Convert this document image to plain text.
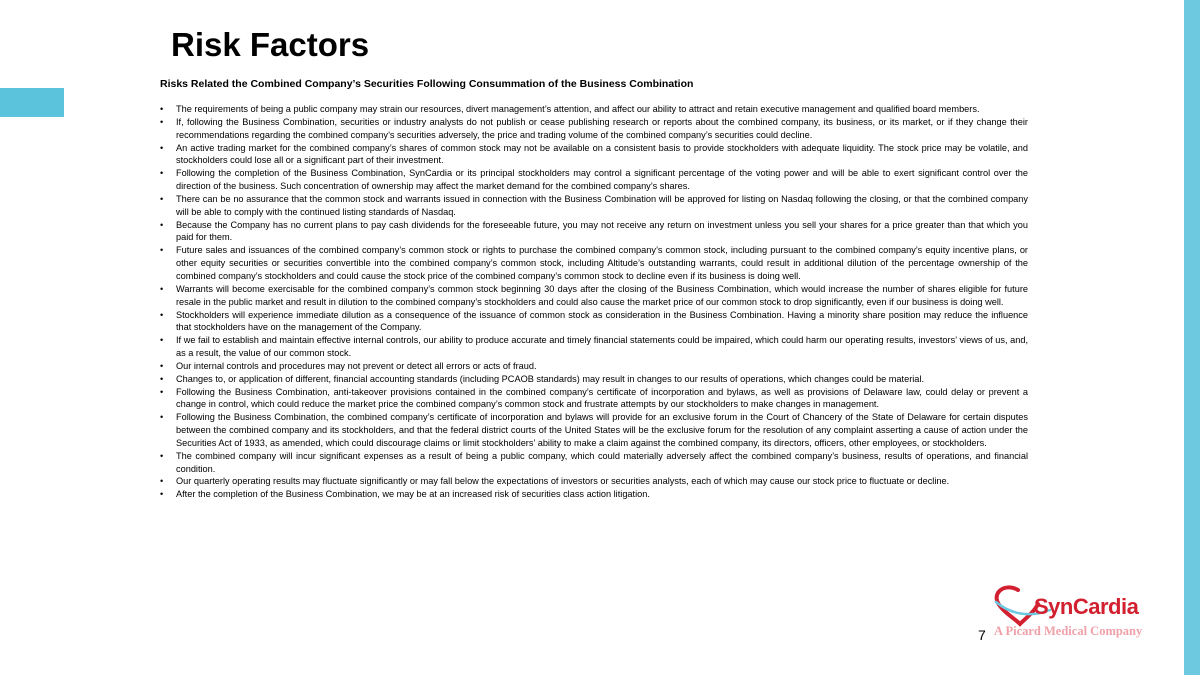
Risk Factors
Risks Related the Combined Company’s Securities Following Consummation of the Business Combination
• The requirements of being a public company may strain our resources, divert management’s attention, and affect our ability to attract and retain executive management and qualified board members.
• If, following the Business Combination, securities or industry analysts do not publish or cease publishing research or reports about the combined company, its business, or its market, or if they change their recommendations regarding the combined company’s securities adversely, the price and trading volume of the combined company’s securities could decline.
• An active trading market for the combined company’s shares of common stock may not be available on a consistent basis to provide stockholders with adequate liquidity. The stock price may be volatile, and stockholders could lose all or a significant part of their investment.
• Following the completion of the Business Combination, SynCardia or its principal stockholders may control a significant percentage of the voting power and will be able to exert significant control over the direction of the business. Such concentration of ownership may affect the market demand for the combined company’s shares.
• There can be no assurance that the common stock and warrants issued in connection with the Business Combination will be approved for listing on Nasdaq following the closing, or that the combined company will be able to comply with the continued listing standards of Nasdaq.
• Because the Company has no current plans to pay cash dividends for the foreseeable future, you may not receive any return on investment unless you sell your shares for a price greater than that which you paid for them.
• Future sales and issuances of the combined company’s common stock or rights to purchase the combined company’s common stock, including pursuant to the combined company’s equity incentive plans, or other equity securities or securities convertible into the combined company’s common stock, including Altitude’s outstanding warrants, could result in additional dilution of the percentage ownership of the combined company’s stockholders and could cause the stock price of the combined company’s common stock to decline even if its business is doing well.
• Warrants will become exercisable for the combined company’s common stock beginning 30 days after the closing of the Business Combination, which would increase the number of shares eligible for future resale in the public market and result in dilution to the combined company’s stockholders and could also cause the market price of our common stock to drop significantly, even if our business is doing well.
• Stockholders will experience immediate dilution as a consequence of the issuance of common stock as consideration in the Business Combination. Having a minority share position may reduce the influence that stockholders have on the management of the Company.
• If we fail to establish and maintain effective internal controls, our ability to produce accurate and timely financial statements could be impaired, which could harm our operating results, investors’ views of us, and, as a result, the value of our common stock.
• Our internal controls and procedures may not prevent or detect all errors or acts of fraud.
• Changes to, or application of different, financial accounting standards (including PCAOB standards) may result in changes to our results of operations, which changes could be material.
• Following the Business Combination, anti-takeover provisions contained in the combined company’s certificate of incorporation and bylaws, as well as provisions of Delaware law, could delay or prevent a change in control, which could reduce the market price the combined company’s common stock and frustrate attempts by our stockholders to make changes in management.
• Following the Business Combination, the combined company’s certificate of incorporation and bylaws will provide for an exclusive forum in the Court of Chancery of the State of Delaware for certain disputes between the combined company and its stockholders, and that the federal district courts of the United States will be the exclusive forum for the resolution of any complaint asserting a cause of action under the Securities Act of 1933, as amended, which could discourage claims or limit stockholders’ ability to make a claim against the combined company, its directors, officers, other employees, or stockholders.
• The combined company will incur significant expenses as a result of being a public company, which could materially adversely affect the combined company’s business, results of operations, and financial condition.
• Our quarterly operating results may fluctuate significantly or may fall below the expectations of investors or securities analysts, each of which may cause our stock price to fluctuate or decline.
• After the completion of the Business Combination, we may be at an increased risk of securities class action litigation.
SynCardia
A Picard Medical Company
7
